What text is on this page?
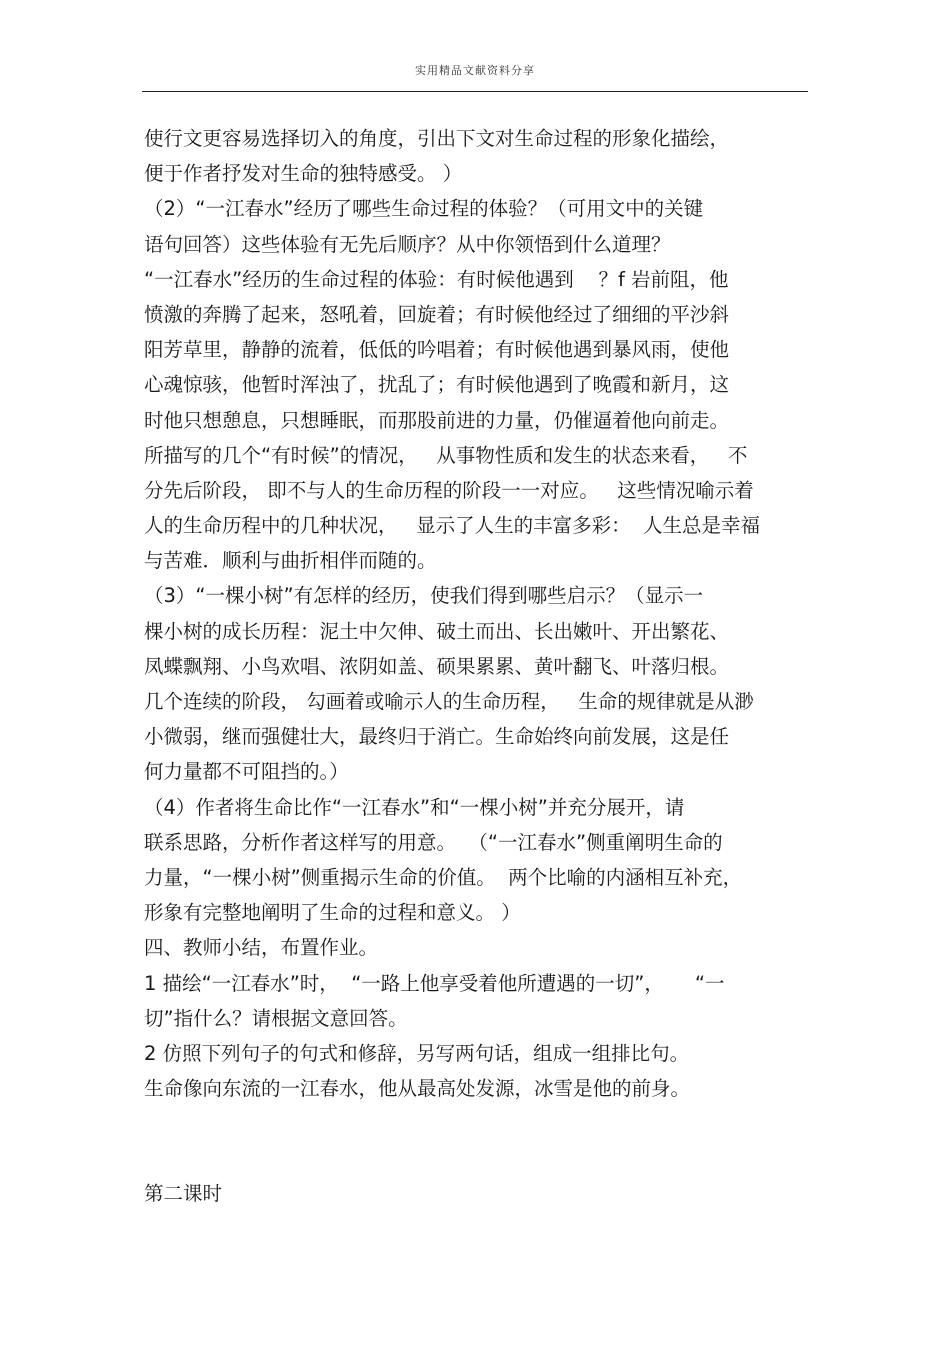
实用精品文献资料分享
使行文更容易选择切入的角度，引出下文对生命过程的形象化描绘，
便于作者抒发对生命的独特感受。 ）
（2）“一江春水”经历了哪些生命过程的体验？（可用文中的关键
语句回答）这些体验有无先后顺序？从中你领悟到什么道理？
“一江春水”经历的生命过程的体验：有时候他遇到    ？f 岩前阻，他
愤激的奔腾了起来，怒吼着，回旋着；有时候他经过了细细的平沙斜
阳芳草里，静静的流着，低低的吟唱着；有时候他遇到暴风雨，使他
心魂惊骇，他暂时浑浊了，扰乱了；有时候他遇到了晚霞和新月，这
时他只想憩息，只想睡眠，而那股前进的力量，仍催逼着他向前走。
所描写的几个“有时候”的情况，   从事物性质和发生的状态来看，   不
分先后阶段， 即不与人的生命历程的阶段一一对应。   这些情况喻示着
人的生命历程中的几种状况，   显示了人生的丰富多彩：  人生总是幸福
与苦难．顺利与曲折相伴而随的。
（3）“一棵小树”有怎样的经历，使我们得到哪些启示？（显示一
棵小树的成长历程：泥土中欠伸、破土而出、长出嫩叶、开出繁花、
凤蝶飘翔、小鸟欢唱、浓阴如盖、硕果累累、黄叶翻飞、叶落归根。
几个连续的阶段， 勾画着或喻示人的生命历程，   生命的规律就是从渺
小微弱，继而强健壮大，最终归于消亡。生命始终向前发展，这是任
何力量都不可阻挡的。）
（4）作者将生命比作“一江春水”和“一棵小树”并充分展开，请
联系思路，分析作者这样写的用意。  （“一江春水”侧重阐明生命的
力量，“一棵小树”侧重揭示生命的价值。  两个比喻的内涵相互补充，
形象有完整地阐明了生命的过程和意义。 ）
四、教师小结，布置作业。
1 描绘“一江春水”时，  “一路上他享受着他所遭遇的一切”，     “一
切”指什么？请根据文意回答。
2 仿照下列句子的句式和修辞，另写两句话，组成一组排比句。
生命像向东流的一江春水，他从最高处发源，冰雪是他的前身。
第二课时
